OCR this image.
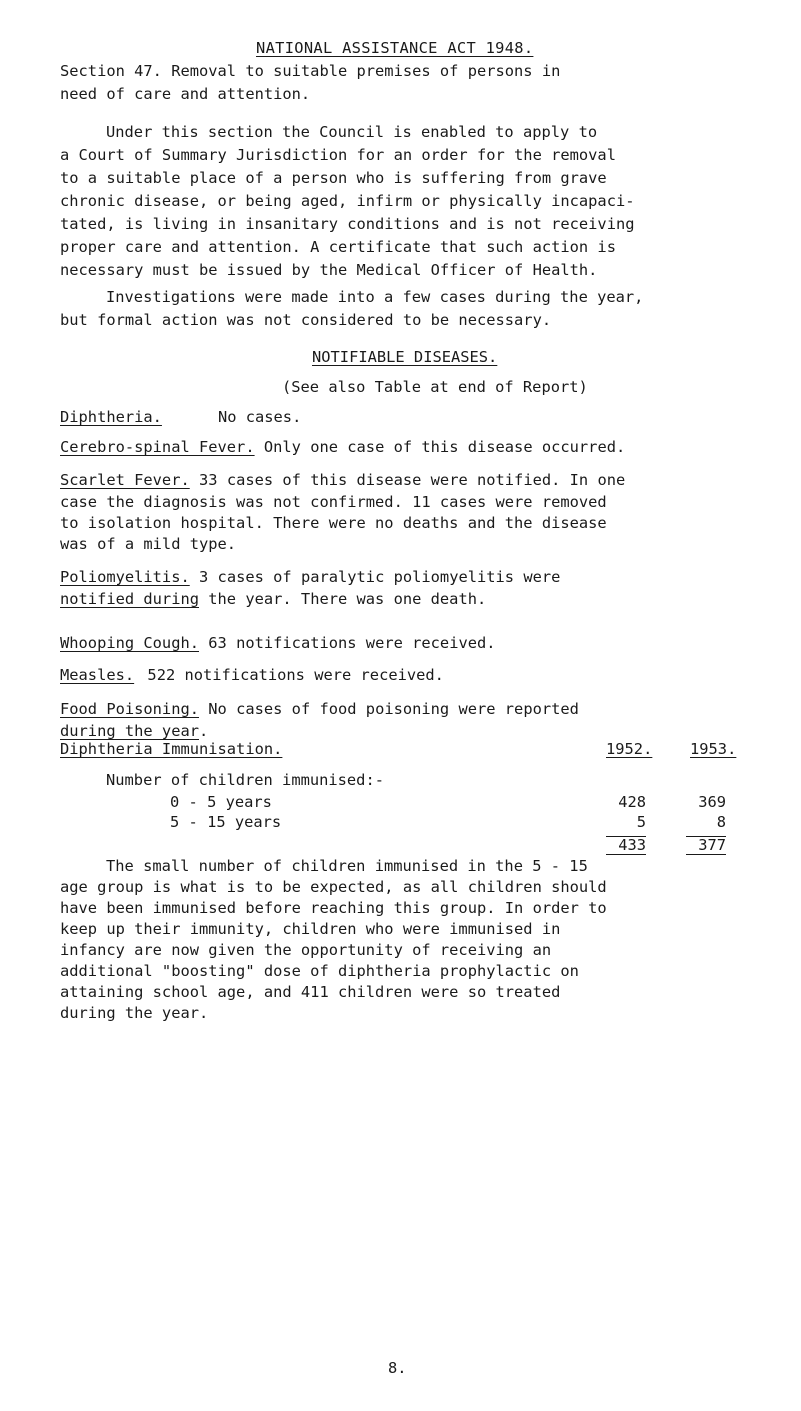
NATIONAL ASSISTANCE ACT 1948.
Section 47. Removal to suitable premises of persons in
need of care and attention.
Under this section the Council is enabled to apply to
a Court of Summary Jurisdiction for an order for the removal
to a suitable place of a person who is suffering from grave
chronic disease, or being aged, infirm or physically incapaci-
tated, is living in insanitary conditions and is not receiving
proper care and attention. A certificate that such action is
necessary must be issued by the Medical Officer of Health.
Investigations were made into a few cases during the year,
but formal action was not considered to be necessary.
NOTIFIABLE DISEASES.
(See also Table at end of Report)
Diphtheria.	No cases.
Cerebro-spinal Fever. Only one case of this disease occurred.
Scarlet Fever. 33 cases of this disease were notified. In one
case the diagnosis was not confirmed. 11 cases were removed
to isolation hospital. There were no deaths and the disease
was of a mild type.
Poliomyelitis. 3 cases of paralytic poliomyelitis were
notified during the year. There was one death.
Whooping Cough. 63 notifications were received.
Measles. 522 notifications were received.
Food Poisoning. No cases of food poisoning were reported
during the year.
Diphtheria Immunisation.	1952. 1953.
Number of children immunised:-
0 - 5 years	428	369
5 - 15 years	5	8
433	377
The small number of children immunised in the 5 - 15
age group is what is to be expected, as all children should
have been immunised before reaching this group. In order to
keep up their immunity, children who were immunised in
infancy are now given the opportunity of receiving an
additional "boosting" dose of diphtheria prophylactic on
attaining school age, and 411 children were so treated
during the year.
8.
